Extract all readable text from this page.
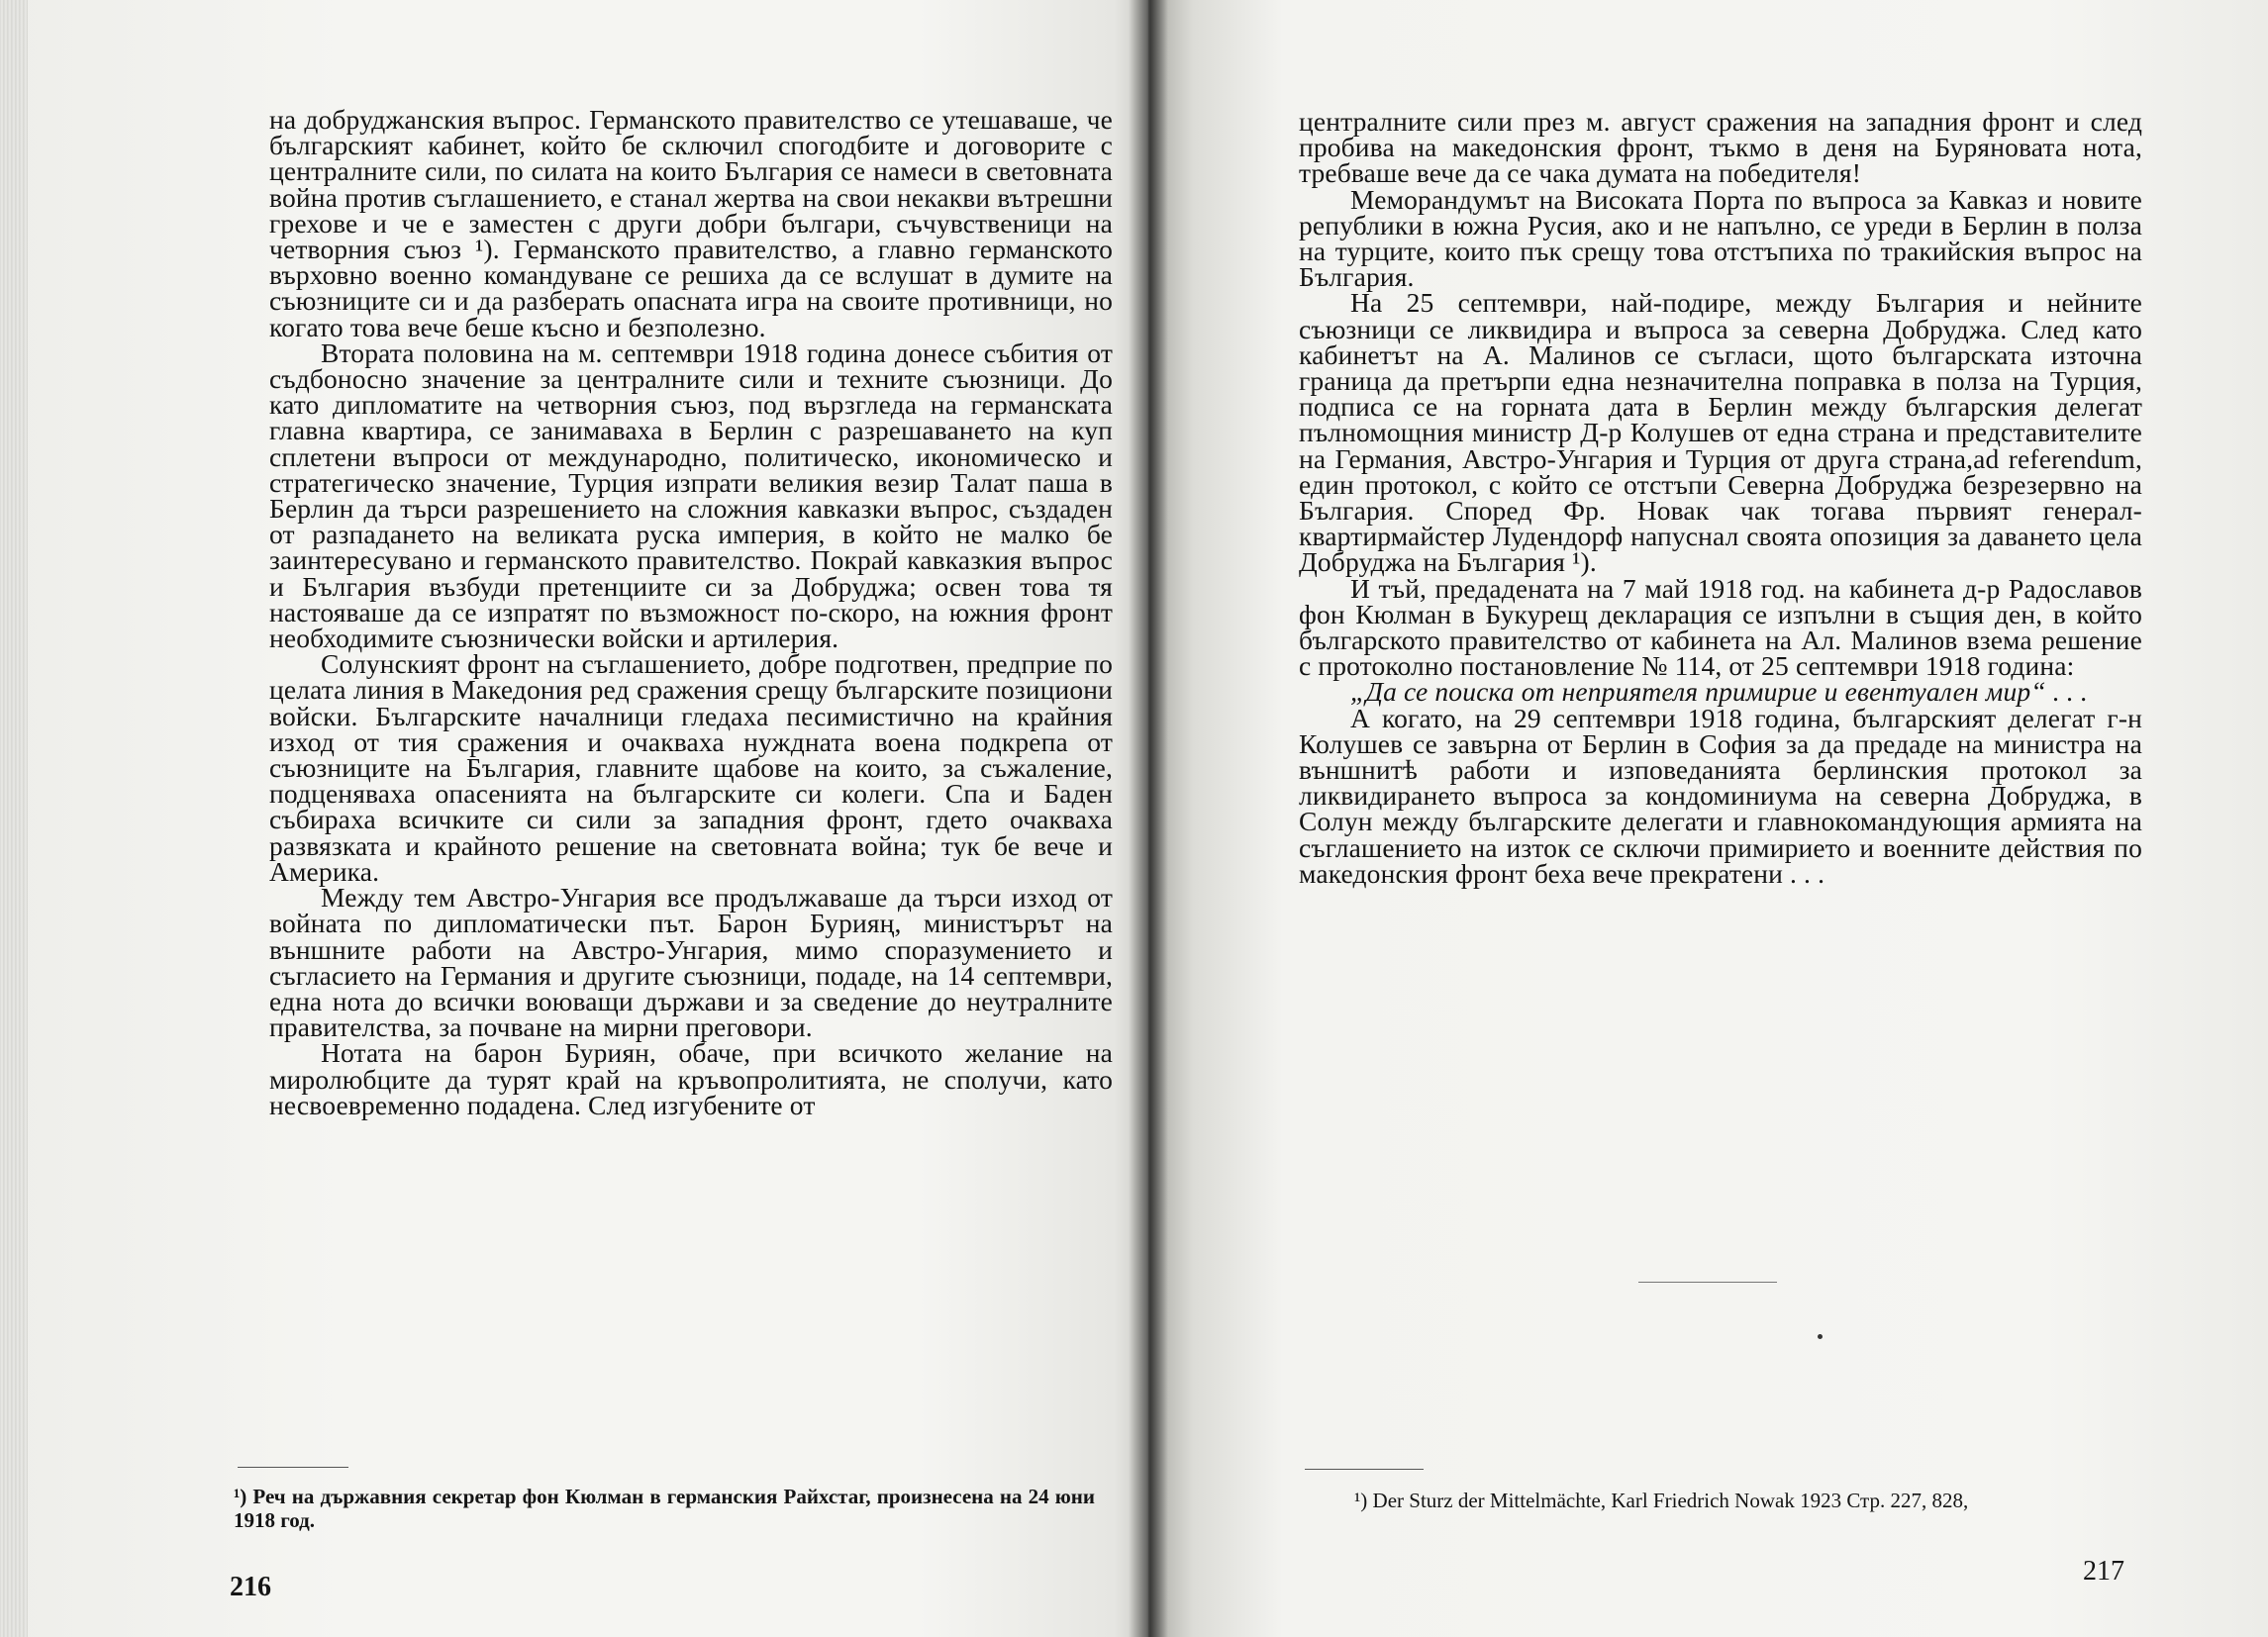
на добруджанския въпрос. Германското правителство се утешаваше, че българският кабинет, който бе сключил спогодбите и договорите с централните сили, по силата на които България се намеси в световната война против съглашението, е станал жертва на свои некакви вътрешни грехове и че е заместен с други добри българи, съчувственици на четворния съюз ¹). Германското правителство, а главно германското върховно военно командуване се решиха да се вслушат в думите на съюзниците си и да разберать опасната игра на своите противници, но когато това вече беше късно и безполезно.

Втората половина на м. септември 1918 година донесе събития от съдбоносно значение за централните сили и техните съюзници. До като дипломатите на четворния съюз, под вързгледа на германската главна квартира, се занимаваха в Берлин с разрешаването на куп сплетени въпроси от международно, политическо, икономическо и стратегическо значение, Турция изпрати великия везир Талат паша в Берлин да търси разрешението на сложния кавказки въпрос, създаден от разпадането на великата руска империя, в който не малко бе заинтересувано и германското правителство. Покрай кавказкия въпрос и България възбуди претенциите си за Добруджа; освен това тя настояваше да се изпратят по възможност по-скоро, на южния фронт необходимите съюзнически войски и артилерия.

Солунският фронт на съглашението, добре подготвен, предприе по целата линия в Македония ред сражения срещу българските позициони войски. Българските началници гледаха песимистично на крайния изход от тия сражения и очакваха нуждната военa подкрепа от съюзниците на България, главните щабове на които, за съжаление, подценяваха опасенията на българските си колеги. Спа и Баден събираха всичките си сили за западния фронт, гдето очакваха развязката и крайното решение на световната война; тук бе вече и Америка.

Между тем Австро-Унгария все продължаваше да търси изход от войната по дипломатически път. Барон Бурияң, министърът на външните работи на Австро-Унгария, мимо споразумението и съгласието на Германия и другите съюзници, подаде, на 14 септември, една нота до всички воюващи държави и за сведение до неутралните правителства, за почване на мирни преговори.

Нотата на барон Буриян, обаче, при всичкото желание на миролюбците да турят край на кръвопролитията, не сполучи, като несвоевременно подадена. След изгубените от

¹) Реч на държавния секретар фон Кюлман в германския Райхстаг, произнесена на 24 юни 1918 год.
216

централните сили през м. август сражения на западния фронт и след пробива на македонския фронт, тъкмо в деня на Буряновата нота, требваше вече да се чака думата на победителя!

Меморандумът на Високата Порта по въпроса за Кавказ и новите републики в южна Русия, ако и не напълно, се уреди в Берлин в полза на турците, които пък срещу това отстъпиха по тракийския въпрос на България.

На 25 септември, най-подире, между България и нейните съюзници се ликвидира и въпроса за северна Добруджа. След като кабинетът на А. Малинов се съгласи, щото българската източна граница да претърпи една незначителна поправка в полза на Турция, подписа се на горната дата в Берлин между българския делегат пълномощния министр Д-р Колушев от една страна и представителите на Германия, Австро-Унгария и Турция от друга страна,ad referendum, един протокол, с който се отстъпи Северна Добруджа безрезервно на България. Според Фр. Новак чак тогава първият генерал-квартирмайстер Лудендорф напуснал своята опозиция за даването цела Добруджа на България ¹).

И тъй, предадената на 7 май 1918 год. на кабинета д-р Радославов фон Кюлман в Букурещ декларация се изпълни в същия ден, в който българското правителство от кабинета на Ал. Малинов взема решение с протоколно постановление № 114, от 25 септември 1918 година:

„Да се поиска от неприятеля примирие и евентуален мир“ . . .

А когато, на 29 септември 1918 година, българският делегат г-н Колушев се завърна от Берлин в София за да предаде на министра на външнитѣ работи и изповеданията берлинския протокол за ликвидирането въпроса за кондоминиума на северна Добруджа, в Солун между българските делегати и главнокомандующия армията на съглашението на изток се сключи примирието и военните действия по македонския фронт беха вече прекратени . . .

¹) Der Sturz der Mittelmächte, Karl Friedrich Nowak 1923 Стр. 227, 828,
217
